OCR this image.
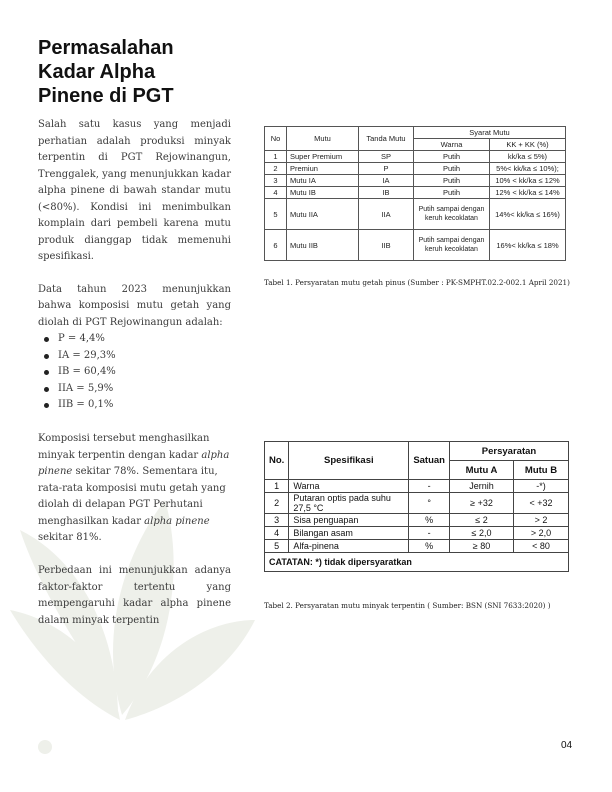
Permasalahan
Kadar Alpha
Pinene di PGT

Salah satu kasus yang menjadi perhatian adalah produksi minyak terpentin di PGT Rejowinangun, Trenggalek, yang menunjukkan kadar alpha pinene di bawah standar mutu (<80%). Kondisi ini menimbulkan komplain dari pembeli karena mutu produk dianggap tidak memenuhi spesifikasi.

Data tahun 2023 menunjukkan bahwa komposisi mutu getah yang diolah di PGT Rejowinangun adalah:

P = 4,4%
IA = 29,3%
IB = 60,4%
IIA = 5,9%
IIB = 0,1%

Komposisi tersebut menghasilkan minyak terpentin dengan kadar alpha pinene sekitar 78%. Sementara itu, rata-rata komposisi mutu getah yang diolah di delapan PGT Perhutani menghasilkan kadar alpha pinene sekitar 81%.

Perbedaan ini menunjukkan adanya faktor-faktor tertentu yang mempengaruhi kadar alpha pinene dalam minyak terpentin

No	Mutu	Tanda Mutu	Syarat Mutu	
			Warna	KK + KK (%)
1	Super Premium	SP	Putih	kk/ka ≤ 5%)
2	Premiun	P	Putih	5%< kk/ka ≤ 10%);
3	Mutu IA	IA	Putih	10% < kk/ka ≤ 12%
4	Mutu IB	IB	Putih	12% < kk/ka ≤ 14%
5	Mutu IIA	IIA	Putih sampai dengan keruh kecoklatan	14%< kk/ka ≤ 16%)
6	Mutu IIB	IIB	Putih sampai dengan keruh kecoklatan	16%< kk/ka ≤ 18%

Tabel 1. Persyaratan mutu getah pinus (Sumber : PK-SMPHT.02.2-002.1 April 2021)

No.	Spesifikasi	Satuan	Persyaratan	
			Mutu A	Mutu B
1	Warna	-	Jernih	-*)
2	Putaran optis pada suhu 27,5 °C	°	≥ +32	< +32
3	Sisa penguapan	%	≤ 2	> 2
4	Bilangan asam	-	≤ 2,0	> 2,0
5	Alfa-pinena	%	≥ 80	< 80
CATATAN: *) tidak dipersyaratkan				

Tabel 2. Persyaratan mutu minyak terpentin ( Sumber: BSN (SNI 7633:2020) )

04
